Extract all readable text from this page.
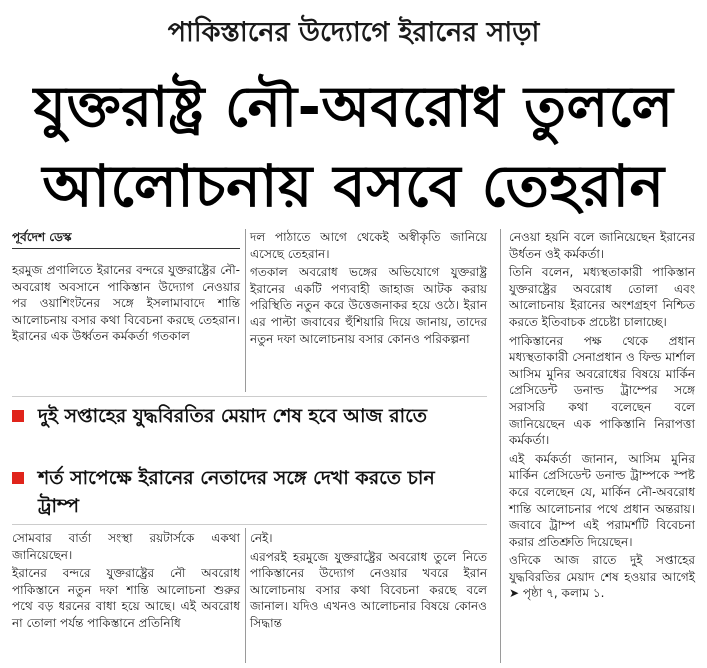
পাকিস্তানের উদ্যোগে ইরানের সাড়া
যুক্তরাষ্ট্র নৌ-অবরোধ তুললে
আলোচনায় বসবে তেহরান
পূর্বদেশ ডেস্ক

হরমুজ প্রণালিতে ইরানের বন্দরে যুক্তরাষ্ট্রের নৌ-অবরোধ অবসানে পাকিস্তান উদ্যোগ নেওয়ার পর ওয়াশিংটনের সঙ্গে ইসলামাবাদে শান্তি আলোচনায় বসার কথা বিবেচনা করছে তেহরান। ইরানের এক উর্ধ্বতন কর্মকর্তা গতকাল

দল পাঠাতে আগে থেকেই অস্বীকৃতি জানিয়ে এসেছে তেহরান।

গতকাল অবরোধ ভঙ্গের অভিযোগে যুক্তরাষ্ট্র ইরানের একটি পণ্যবাহী জাহাজ আটক করায় পরিস্থিতি নতুন করে উত্তেজনাকর হয়ে ওঠে। ইরান এর পাল্টা জবাবের হুঁশিয়ারি দিয়ে জানায়, তাদের নতুন দফা আলোচনায় বসার কোনও পরিকল্পনা

নেওয়া হয়নি বলে জানিয়েছেন ইরানের উর্ধতন ওই কর্মকর্তা।

তিনি বলেন, মধ্যস্থতাকারী পাকিস্তান যুক্তরাষ্ট্রের অবরোধ তোলা এবং আলোচনায় ইরানের অংশগ্রহণ নিশ্চিত করতে ইতিবাচক প্রচেষ্টা চালাচ্ছে।

পাকিস্তানের পক্ষ থেকে প্রধান মধ্যস্থতাকারী সেনাপ্রধান ও ফিল্ড মার্শাল আসিম মুনির অবরোধের বিষয়ে মার্কিন প্রেসিডেন্ট ডনাল্ড ট্রাম্পের সঙ্গে সরাসরি কথা বলেছেন বলে জানিয়েছেন এক পাকিস্তানি নিরাপত্তা কর্মকর্তা।

এই কর্মকর্তা জানান, আসিম মুনির মার্কিন প্রেসিডেন্ট ডনাল্ড ট্রাম্পকে স্পষ্ট করে বলেছেন যে, মার্কিন নৌ-অবরোধ শান্তি আলোচনার পথে প্রধান অন্তরায়। জবাবে ট্রাম্প এই পরামর্শটি বিবেচনা করার প্রতিশ্রুতি দিয়েছেন।

ওদিকে আজ রাতে দুই সপ্তাহের যুদ্ধবিরতির মেয়াদ শেষ হওয়ার আগেই ➤ পৃষ্ঠা ৭, কলাম ১.

দুই সপ্তাহের যুদ্ধবিরতির মেয়াদ শেষ হবে আজ রাতে
শর্ত সাপেক্ষে ইরানের নেতাদের সঙ্গে দেখা করতে চান ট্রাম্প

সোমবার বার্তা সংস্থা রয়টার্সকে একথা জানিয়েছেন।

ইরানের বন্দরে যুক্তরাষ্ট্রের নৌ অবরোধ পাকিস্তানে নতুন দফা শান্তি আলোচনা শুরুর পথে বড় ধরনের বাধা হয়ে আছে। এই অবরোধ না তোলা পর্যন্ত পাকিস্তানে প্রতিনিধি

নেই।

এরপরই হরমুজে যুক্তরাষ্ট্রের অবরোধ তুলে নিতে পাকিস্তানের উদ্যোগ নেওয়ার খবরে ইরান আলোচনায় বসার কথা বিবেচনা করছে বলে জানাল। যদিও এখনও আলোচনার বিষয়ে কোনও সিদ্ধান্ত
